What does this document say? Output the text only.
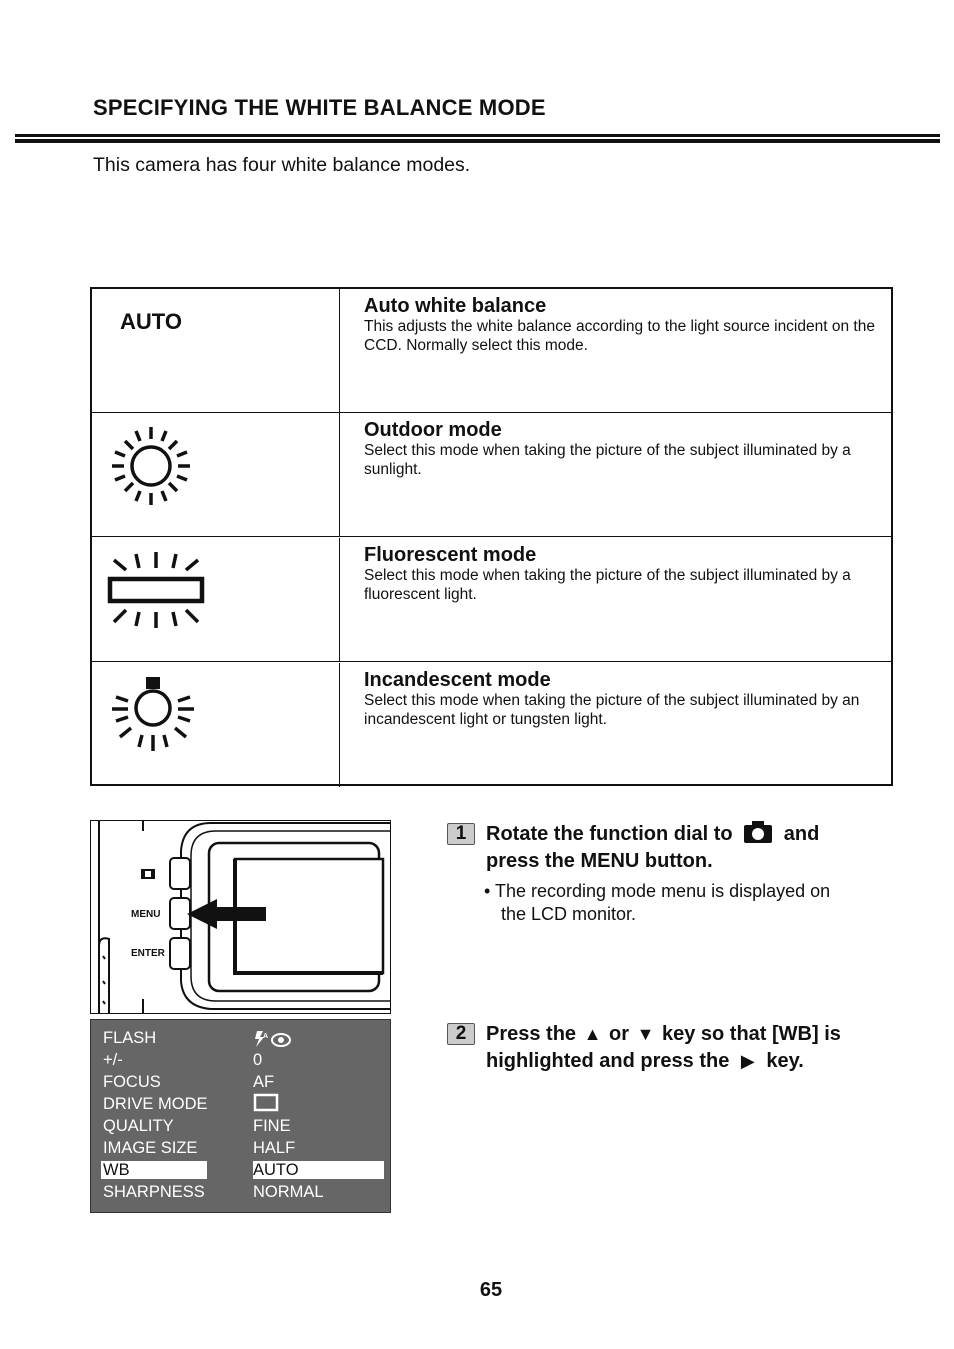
SPECIFYING THE WHITE BALANCE MODE
This camera has four white balance modes.
AUTO
Auto white balance
This adjusts the white balance according to the light source incident on the CCD. Normally select this mode.
Outdoor mode
Select this mode when taking the picture of the subject illuminated by a sunlight.
Fluorescent mode
Select this mode when taking the picture of the subject illuminated by a fluorescent light.
Incandescent mode
Select this mode when taking the picture of the subject illuminated by an incandescent light or tungsten light.
MENU
ENTER
FLASH	A
+/-	0
FOCUS	AF
DRIVE MODE
QUALITY	FINE
IMAGE SIZE	HALF
WB	AUTO
SHARPNESS	NORMAL
1 Rotate the function dial to	and
press the MENU button.
• The recording mode menu is displayed on
the LCD monitor.
2 Press the ▲ or ▼ key so that [WB] is
highlighted and press the ▶ key.
65
